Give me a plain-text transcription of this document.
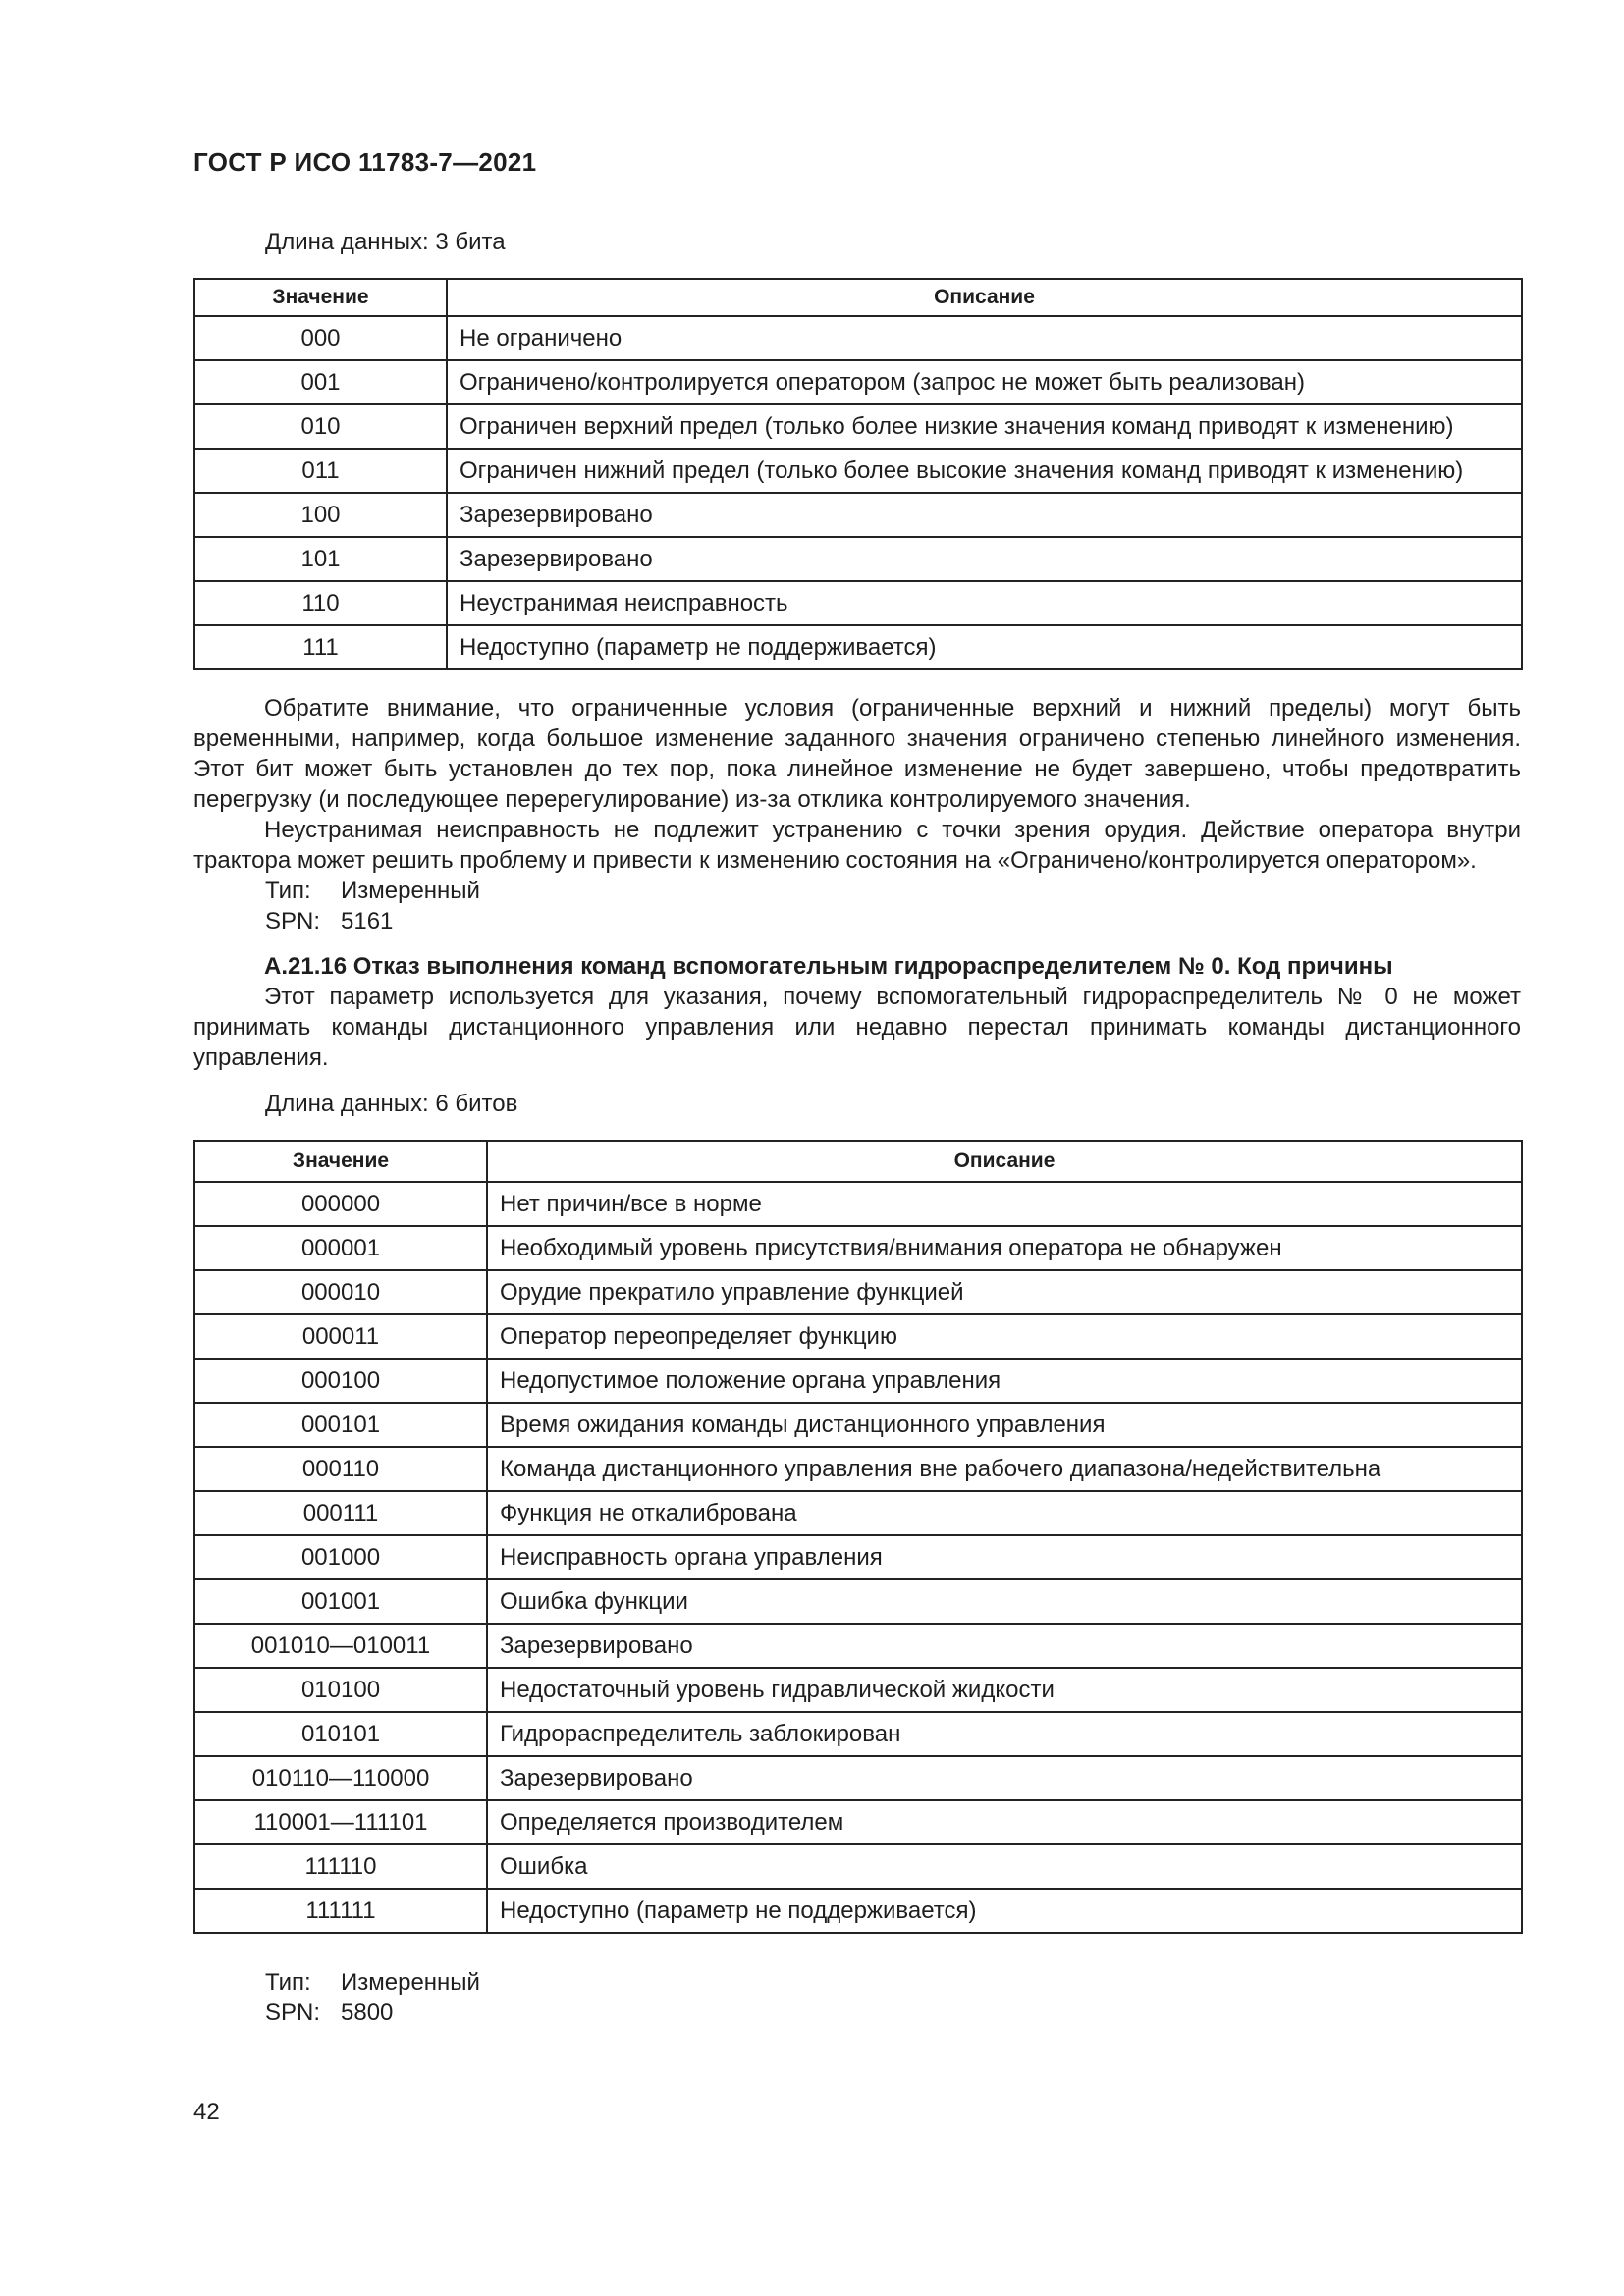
ГОСТ Р ИСО 11783-7—2021
Длина данных: 3 бита
Значение	Описание
000	Не ограничено
001	Ограничено/контролируется оператором (запрос не может быть реализован)
010	Ограничен верхний предел (только более низкие значения команд приводят к изменению)
011	Ограничен нижний предел (только более высокие значения команд приводят к изменению)
100	Зарезервировано
101	Зарезервировано
110	Неустранимая неисправность
111	Недоступно (параметр не поддерживается)
Обратите внимание, что ограниченные условия (ограниченные верхний и нижний пределы) могут быть временными, например, когда большое изменение заданного значения ограничено степенью линейного изменения. Этот бит может быть установлен до тех пор, пока линейное изменение не будет завершено, чтобы предотвратить перегрузку (и последующее перерегулирование) из-за отклика контролируемого значения.
Неустранимая неисправность не подлежит устранению с точки зрения орудия. Действие оператора внутри трактора может решить проблему и привести к изменению состояния на «Ограничено/контролируется оператором».
Тип: Измеренный
SPN: 5161
А.21.16 Отказ выполнения команд вспомогательным гидрораспределителем № 0. Код причины
Этот параметр используется для указания, почему вспомогательный гидрораспределитель № 0 не может принимать команды дистанционного управления или недавно перестал принимать команды дистанционного управления.
Длина данных: 6 битов
Значение	Описание
000000	Нет причин/все в норме
000001	Необходимый уровень присутствия/внимания оператора не обнаружен
000010	Орудие прекратило управление функцией
000011	Оператор переопределяет функцию
000100	Недопустимое положение органа управления
000101	Время ожидания команды дистанционного управления
000110	Команда дистанционного управления вне рабочего диапазона/недействительна
000111	Функция не откалибрована
001000	Неисправность органа управления
001001	Ошибка функции
001010—010011	Зарезервировано
010100	Недостаточный уровень гидравлической жидкости
010101	Гидрораспределитель заблокирован
010110—110000	Зарезервировано
110001—111101	Определяется производителем
111110	Ошибка
111111	Недоступно (параметр не поддерживается)
Тип: Измеренный
SPN: 5800
42
